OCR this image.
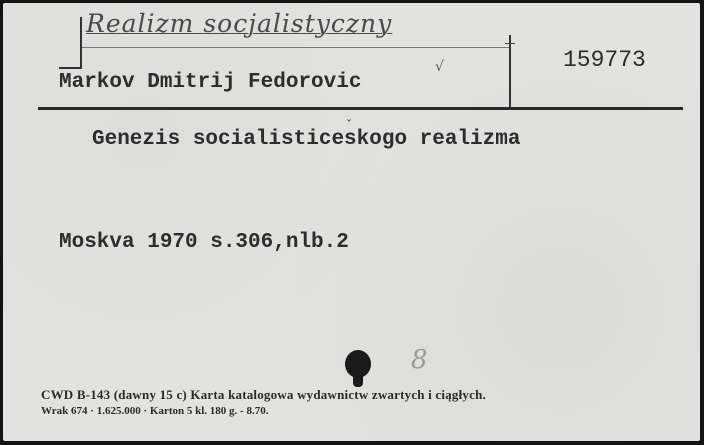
Realizm socjalistyczny
√
Markov Dmitrij Fedorovic
159773
ˇ
Genezis socialisticeskogo realizma
Moskva 1970 s.306,nlb.2
8
CWD B-143 (dawny 15 c) Karta katalogowa wydawnictw zwartych i ciągłych.
Wrak 674 · 1.625.000 · Karton 5 kl. 180 g. - 8.70.
